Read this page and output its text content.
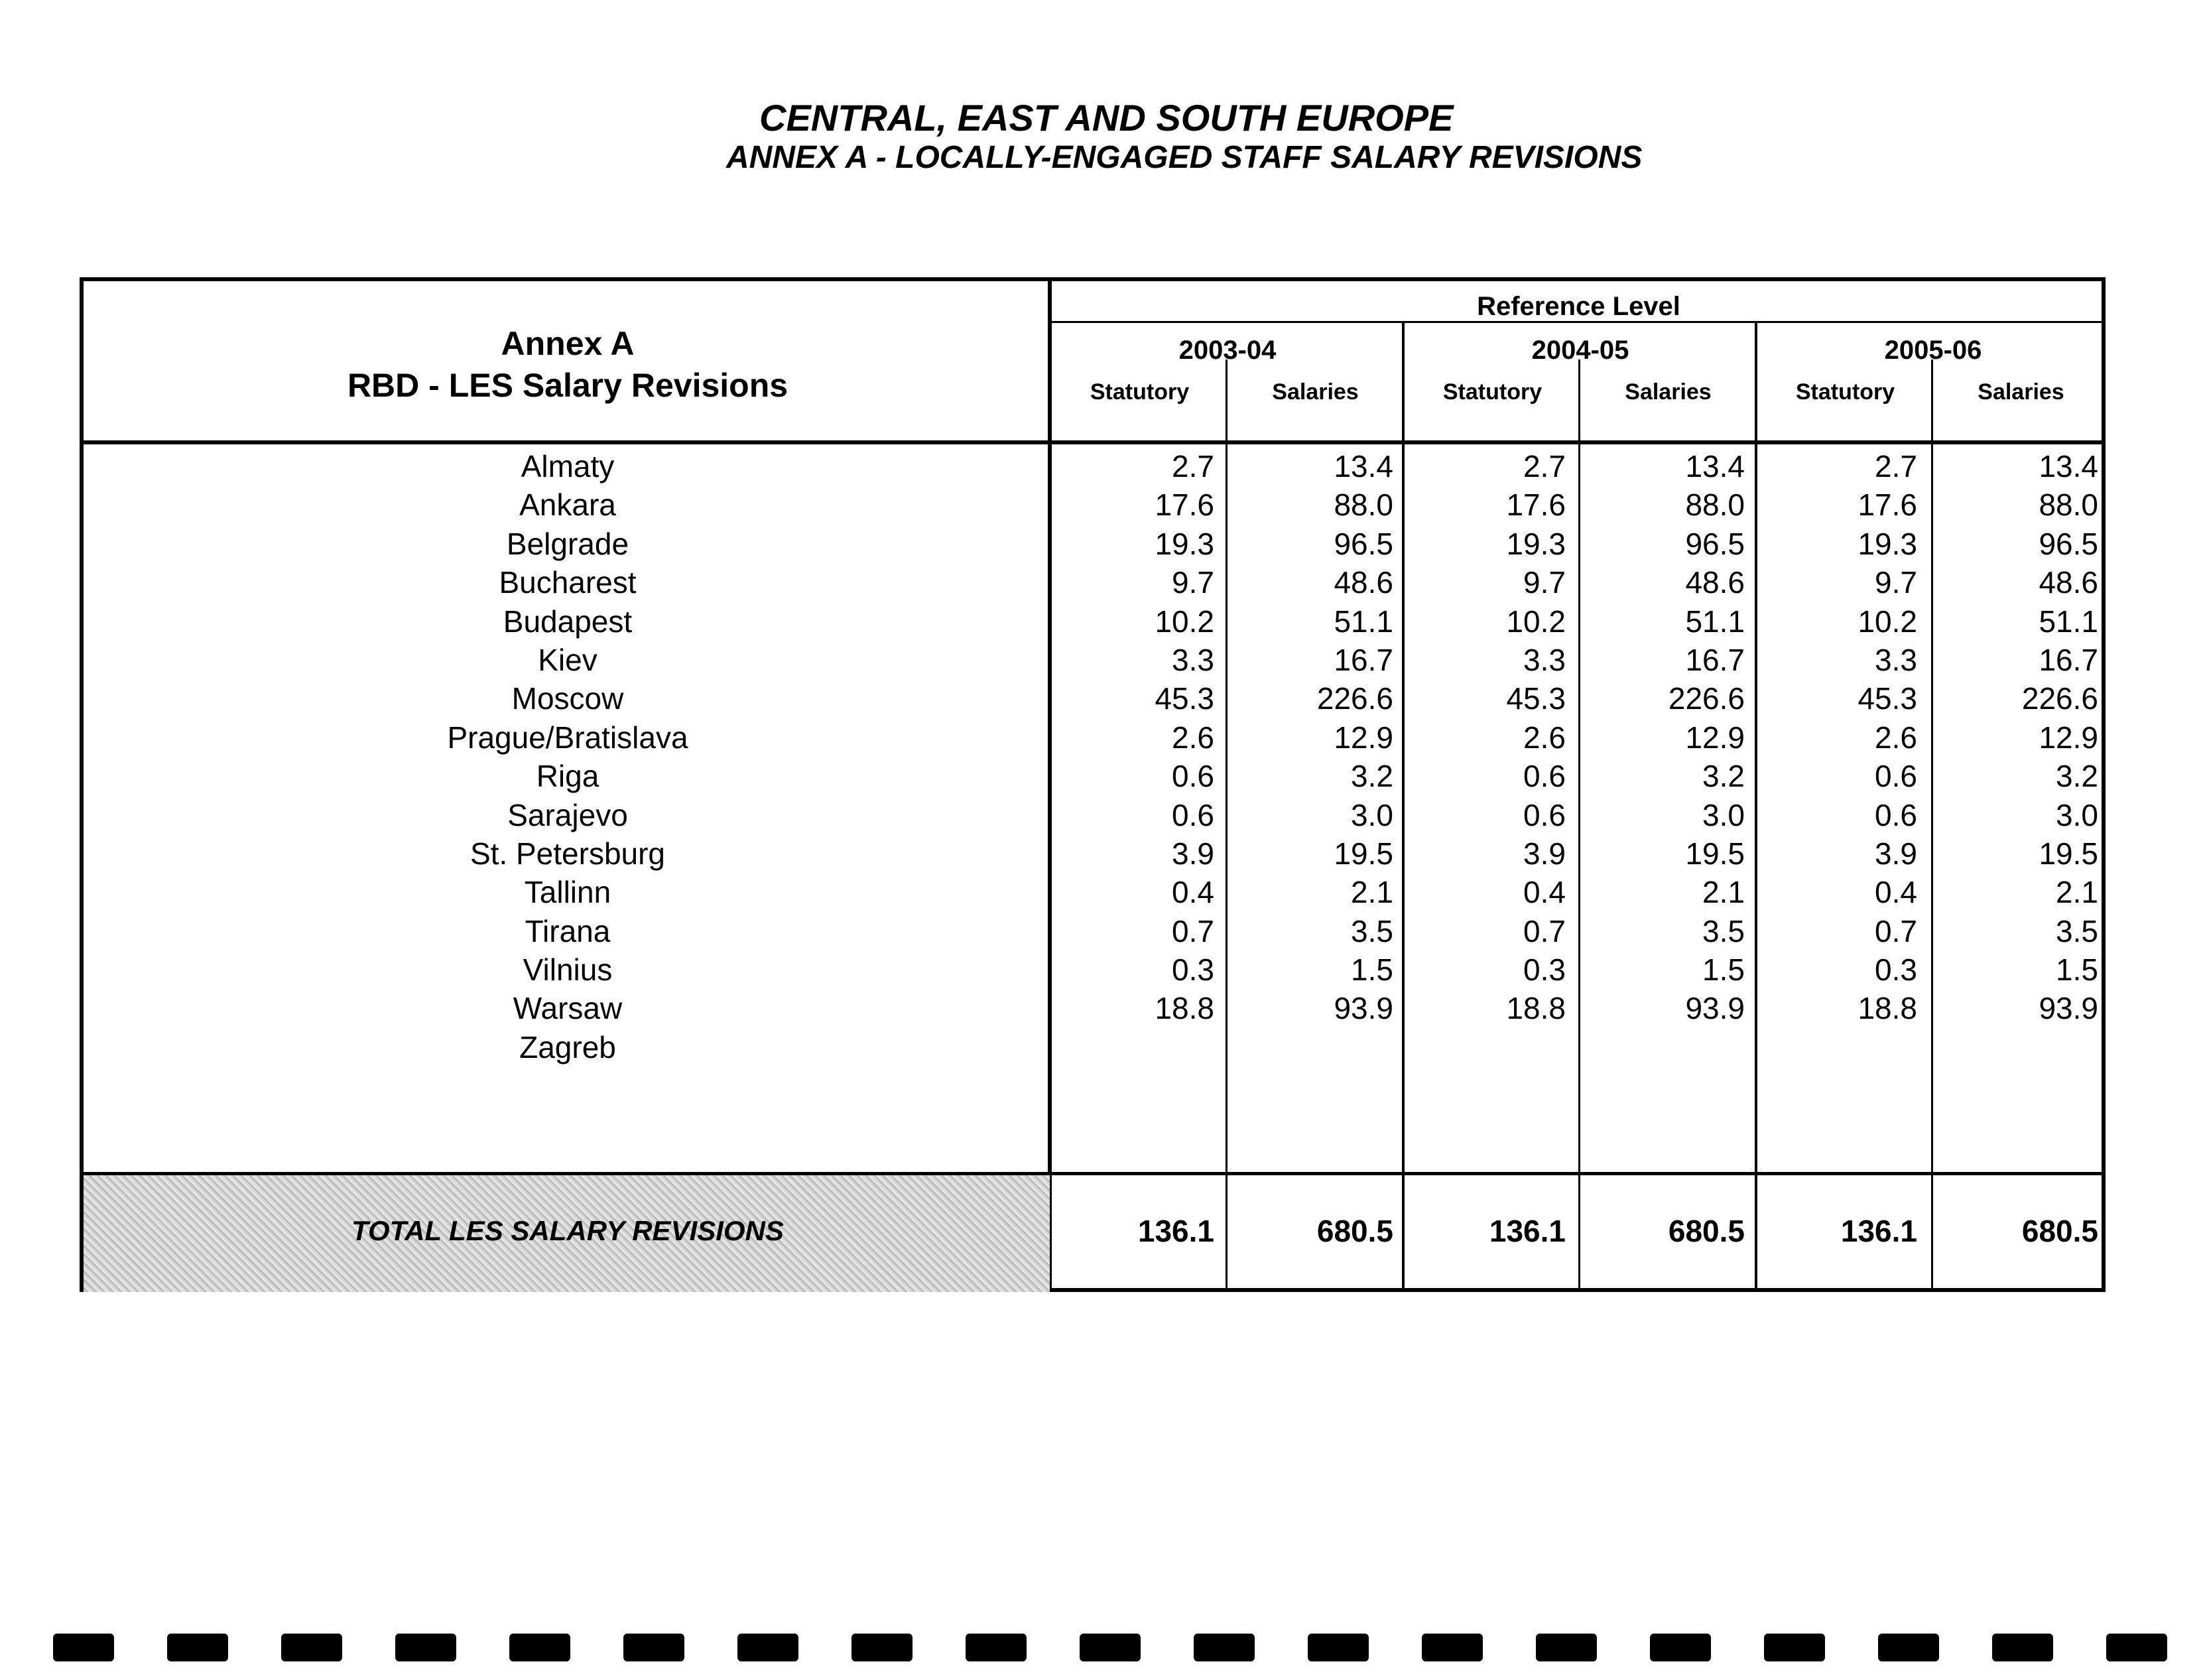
CENTRAL, EAST AND SOUTH EUROPE
ANNEX A - LOCALLY-ENGAGED STAFF SALARY REVISIONS
Annex A
RBD - LES Salary Revisions
Reference Level
2003-04	2004-05	2005-06
Statutory	Salaries	Statutory	Salaries	Statutory	Salaries
Almaty	2.7	13.4	2.7	13.4	2.7	13.4
Ankara	17.6	88.0	17.6	88.0	17.6	88.0
Belgrade	19.3	96.5	19.3	96.5	19.3	96.5
Bucharest	9.7	48.6	9.7	48.6	9.7	48.6
Budapest	10.2	51.1	10.2	51.1	10.2	51.1
Kiev	3.3	16.7	3.3	16.7	3.3	16.7
Moscow	45.3	226.6	45.3	226.6	45.3	226.6
Prague/Bratislava	2.6	12.9	2.6	12.9	2.6	12.9
Riga	0.6	3.2	0.6	3.2	0.6	3.2
Sarajevo	0.6	3.0	0.6	3.0	0.6	3.0
St. Petersburg	3.9	19.5	3.9	19.5	3.9	19.5
Tallinn	0.4	2.1	0.4	2.1	0.4	2.1
Tirana	0.7	3.5	0.7	3.5	0.7	3.5
Vilnius	0.3	1.5	0.3	1.5	0.3	1.5
Warsaw	18.8	93.9	18.8	93.9	18.8	93.9
Zagreb
TOTAL LES SALARY REVISIONS	136.1	680.5	136.1	680.5	136.1	680.5
